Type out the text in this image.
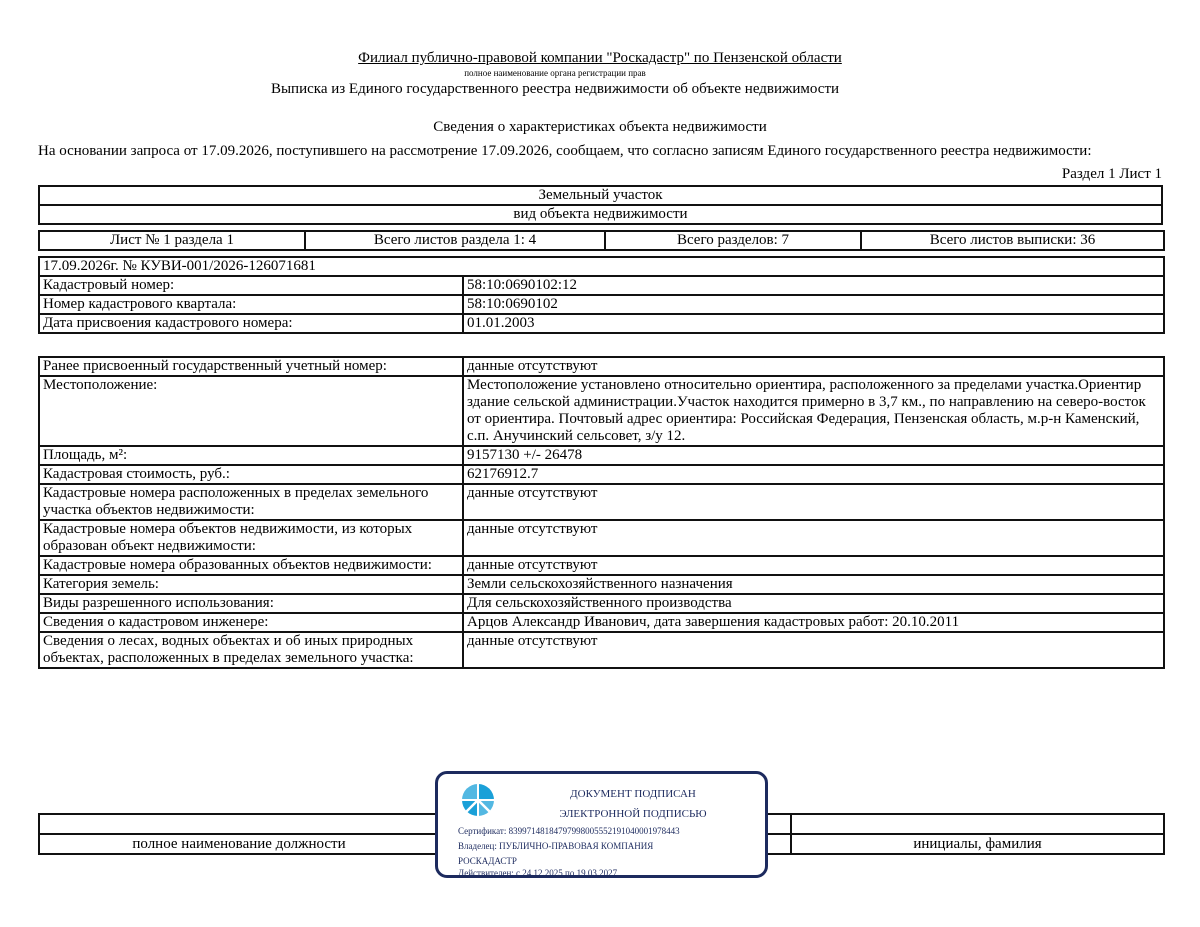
Филиал публично-правовой компании "Роскадастр" по Пензенской области
полное наименование органа регистрации прав
Выписка из Единого государственного реестра недвижимости об объекте недвижимости
Сведения о характеристиках объекта недвижимости
На основании запроса от 17.09.2026, поступившего на рассмотрение 17.09.2026, сообщаем, что согласно записям Единого государственного реестра недвижимости:
Раздел 1 Лист 1
Земельный участок
вид объекта недвижимости
Лист № 1 раздела 1	Всего листов раздела 1: 4	Всего разделов: 7	Всего листов выписки: 36
17.09.2026г. № КУВИ-001/2026-126071681	
Кадастровый номер:	58:10:0690102:12
Номер кадастрового квартала:	58:10:0690102
Дата присвоения кадастрового номера:	01.01.2003
Ранее присвоенный государственный учетный номер:	данные отсутствуют
Местоположение:	Местоположение установлено относительно ориентира, расположенного за пределами участка.Ориентир здание сельской администрации.Участок находится примерно в 3,7 км., по направлению на северо-восток от ориентира. Почтовый адрес ориентира: Российская Федерация, Пензенская область, м.р-н Каменский, с.п. Анучинский сельсовет, з/у 12.
Площадь, м²:	9157130 +/- 26478
Кадастровая стоимость, руб.:	62176912.7
Кадастровые номера расположенных в пределах земельного участка объектов недвижимости:	данные отсутствуют
Кадастровые номера объектов недвижимости, из которых образован объект недвижимости:	данные отсутствуют
Кадастровые номера образованных объектов недвижимости:	данные отсутствуют
Категория земель:	Земли сельскохозяйственного назначения
Виды разрешенного использования:	Для сельскохозяйственного производства
Сведения о кадастровом инженере:	Арцов Александр Иванович, дата завершения кадастровых работ: 20.10.2011
Сведения о лесах, водных объектах и об иных природных объектах, расположенных в пределах земельного участка:	данные отсутствуют

полное наименование должности		инициалы, фамилия
ДОКУМЕНТ ПОДПИСАН
ЭЛЕКТРОННОЙ ПОДПИСЬЮ
Сертификат: 83997148184797998005552191040001978443
Владелец: ПУБЛИЧНО-ПРАВОВАЯ КОМПАНИЯ
РОСКАДАСТР
Действителен: с 24.12.2025 по 19.03.2027
